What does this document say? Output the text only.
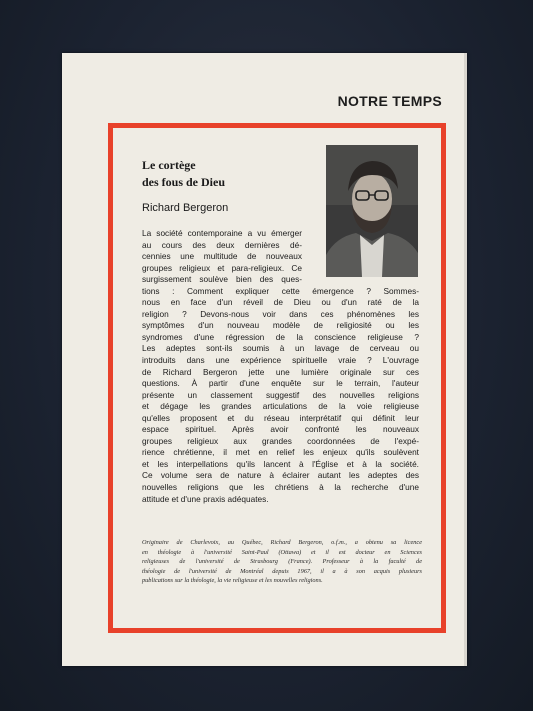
NOTRE TEMPS
Le cortège
des fous de Dieu
Richard Bergeron
La société contemporaine a vu émerger
au cours des deux dernières dé-
cennies une multitude de nouveaux
groupes religieux et para-religieux. Ce
surgissement soulève bien des ques-
tions : Comment expliquer cette émergence ? Sommes-
nous en face d'un réveil de Dieu ou d'un raté de la
religion ? Devons-nous voir dans ces phénomènes les
symptômes d'un nouveau modèle de religiosité ou les
syndromes d'une régression de la conscience religieuse ?
Les adeptes sont-ils soumis à un lavage de cerveau ou
introduits dans une expérience spirituelle vraie ? L'ouvrage
de Richard Bergeron jette une lumière originale sur ces
questions. À partir d'une enquête sur le terrain, l'auteur
présente un classement suggestif des nouvelles religions
et dégage les grandes articulations de la voie religieuse
qu'elles proposent et du réseau interprétatif qui définit leur
espace spirituel. Après avoir confronté les nouveaux
groupes religieux aux grandes coordonnées de l'expé-
rience chrétienne, il met en relief les enjeux qu'ils soulèvent
et les interpellations qu'ils lancent à l'Église et à la société.
Ce volume sera de nature à éclairer autant les adeptes des
nouvelles religions que les chrétiens à la recherche d'une
attitude et d'une praxis adéquates.
Originaire de Charlevoix, au Québec, Richard Bergeron, o.f.m., a obtenu sa licence
en théologie à l'université Saint-Paul (Ottawa) et il est docteur en Sciences
religieuses de l'université de Strasbourg (France). Professeur à la faculté de
théologie de l'université de Montréal depuis 1967, il a à son acquis plusieurs
publications sur la théologie, la vie religieuse et les nouvelles religions.
